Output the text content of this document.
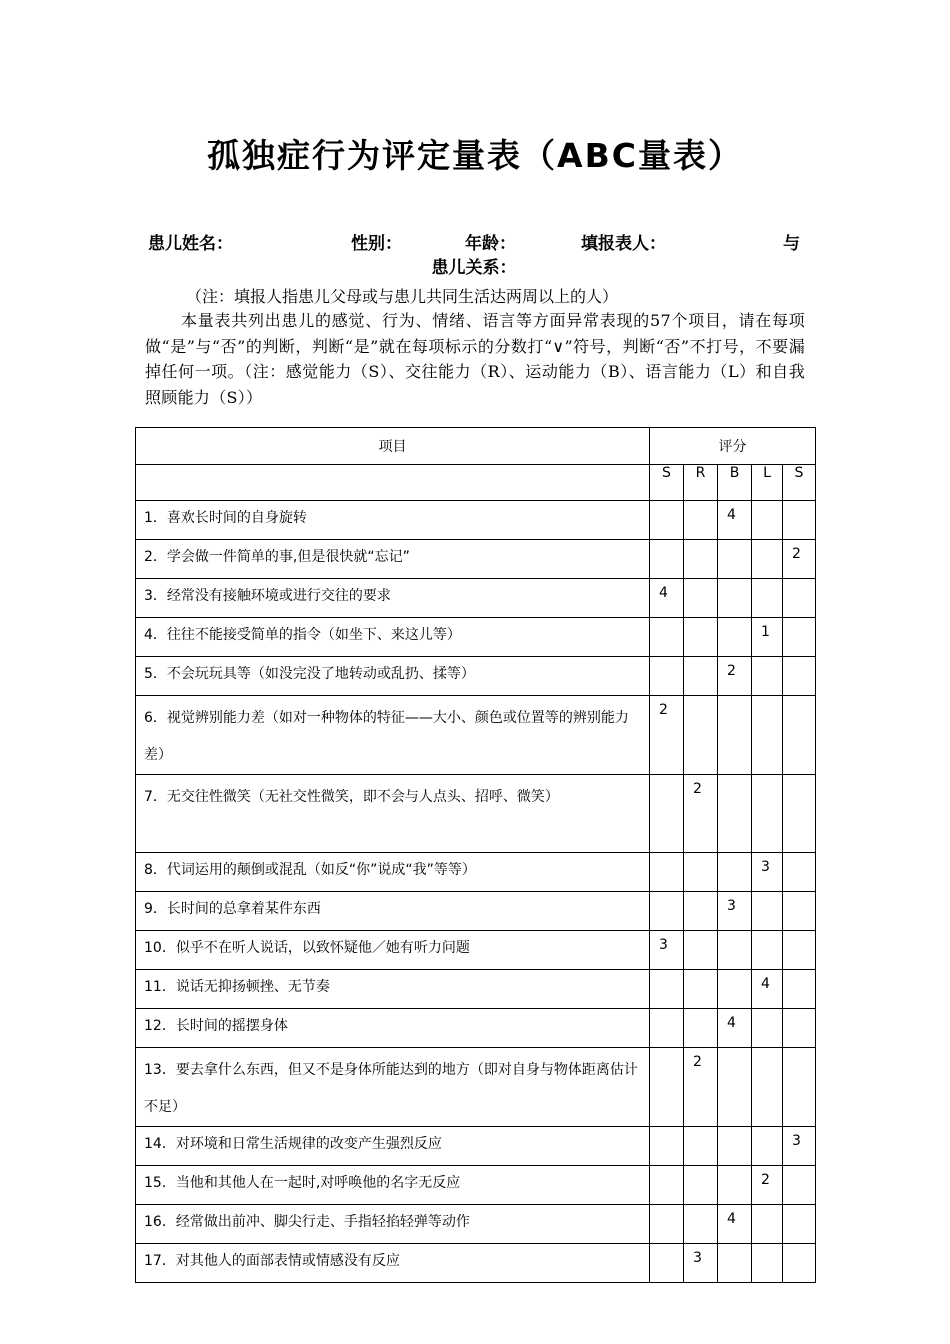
孤独症行为评定量表（ABC量表）
患儿姓名：	性别：	年龄：	填报表人：	与
患儿关系：
（注：填报人指患儿父母或与患儿共同生活达两周以上的人）

本量表共列出患儿的感觉、行为、情绪、语言等方面异常表现的57个项目，请在每项做“是”与“否”的判断，判断“是”就在每项标示的分数打“∨”符号，判断“否”不打号，不要漏掉任何一项。（注：感觉能力（S）、交往能力（R）、运动能力（B）、语言能力（L）和自我照顾能力（S））

项目	评分				
	S	R	B	L	S
1．喜欢长时间的自身旋转			4		
2．学会做一件简单的事,但是很快就“忘记”					2
3．经常没有接触环境或进行交往的要求	4				
4．往往不能接受简单的指令（如坐下、来这儿等）				1	
5．不会玩玩具等（如没完没了地转动或乱扔、揉等）			2		
6．视觉辨别能力差（如对一种物体的特征——大小、颜色或位置等的辨别能力差）	2				
7．无交往性微笑（无社交性微笑，即不会与人点头、招呼、微笑）		2			
8．代词运用的颠倒或混乱（如反“你”说成“我”等等）				3	
9．长时间的总拿着某件东西			3		
10．似乎不在听人说话，以致怀疑他／她有听力问题	3				
11．说话无抑扬顿挫、无节奏				4	
12．长时间的摇摆身体			4		
13．要去拿什么东西，但又不是身体所能达到的地方（即对自身与物体距离估计不足）		2			
14．对环境和日常生活规律的改变产生强烈反应					3
15．当他和其他人在一起时,对呼唤他的名字无反应				2	
16．经常做出前冲、脚尖行走、手指轻掐轻弹等动作			4		
17．对其他人的面部表情或情感没有反应		3			
